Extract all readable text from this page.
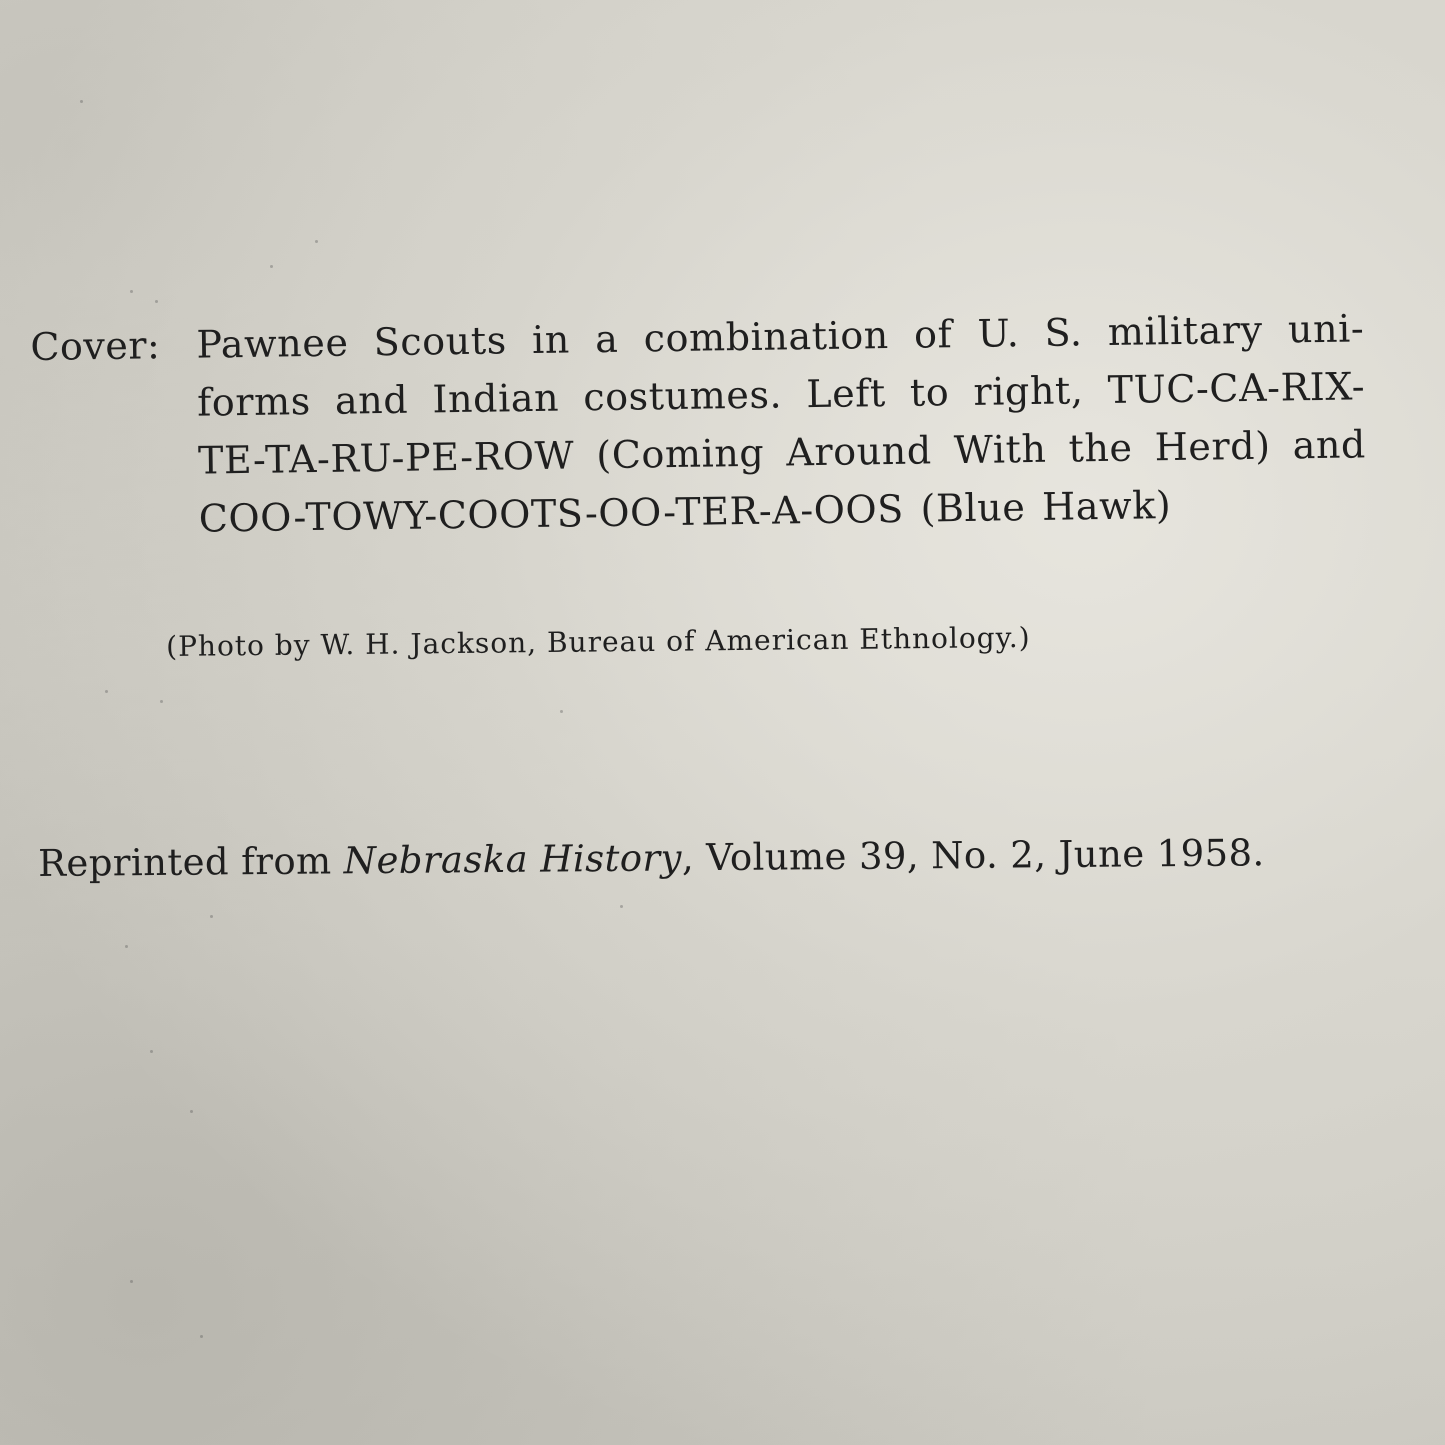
Cover: Pawnee Scouts in a combination of U. S. military uni-forms and Indian costumes. Left to right, TUC-CA-RIX-TE-TA-RU-PE-ROW (Coming Around With the Herd) and COO-TOWY-COOTS-OO-TER-A-OOS (Blue Hawk)
(Photo by W. H. Jackson, Bureau of American Ethnology.)
Reprinted from Nebraska History, Volume 39, No. 2, June 1958.
